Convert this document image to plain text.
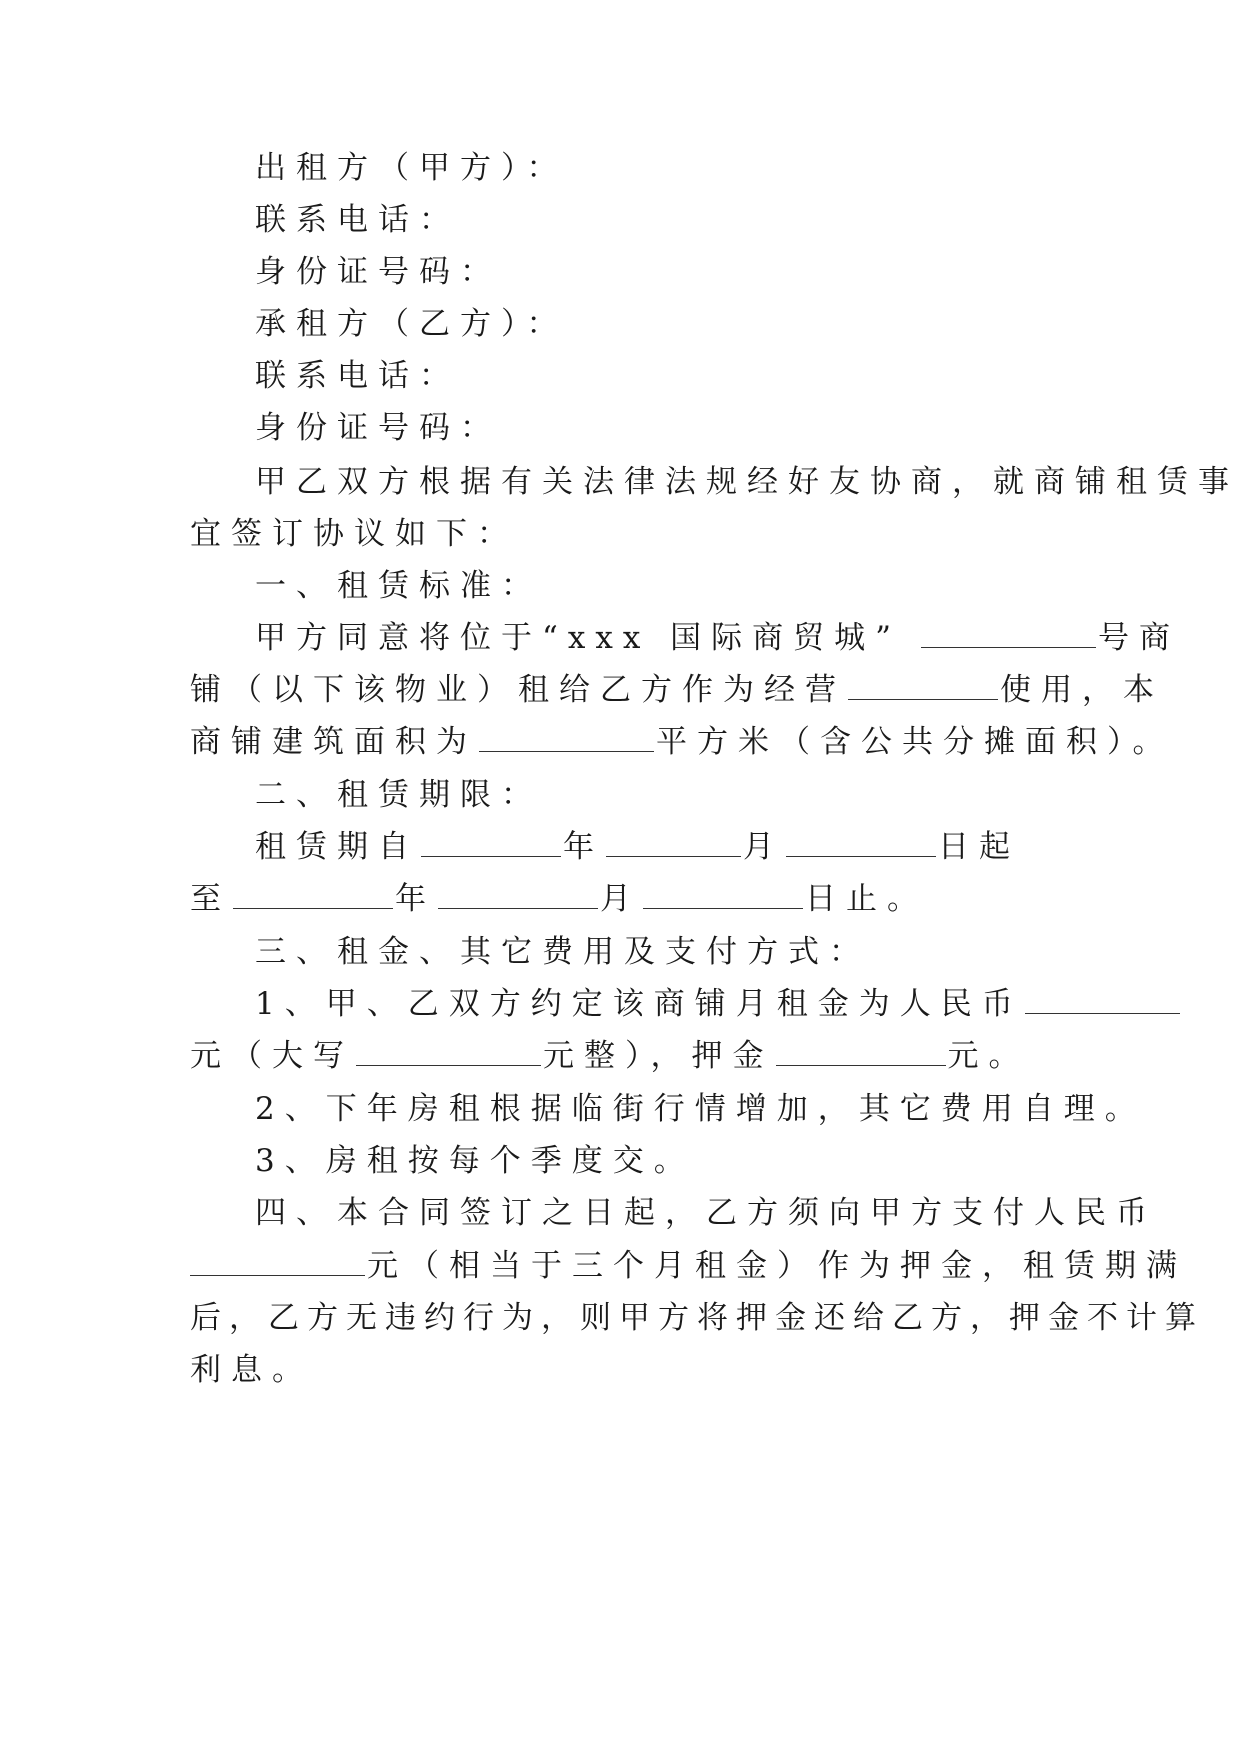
出租方（甲方）：
联系电话：
身份证号码：
承租方（乙方）：
联系电话：
身份证号码：
甲乙双方根据有关法律法规经好友协商，就商铺租赁事
宜签订协议如下：
一、租赁标准：
甲方同意将位于“xxx 国际商贸城”	号商
铺（以下该物业）租给乙方作为经营	使用，本
商铺建筑面积为	平方米（含公共分摊面积）。
二、租赁期限：
租赁期自	年	月	日起
至	年	月	日止。
三、租金、其它费用及支付方式：
1、甲、乙双方约定该商铺月租金为人民币
元（大写	元整），押金	元。
2、下年房租根据临街行情增加，其它费用自理。
3、房租按每个季度交。
四、本合同签订之日起，乙方须向甲方支付人民币
元（相当于三个月租金）作为押金，租赁期满
后，乙方无违约行为，则甲方将押金还给乙方，押金不计算
利息。
